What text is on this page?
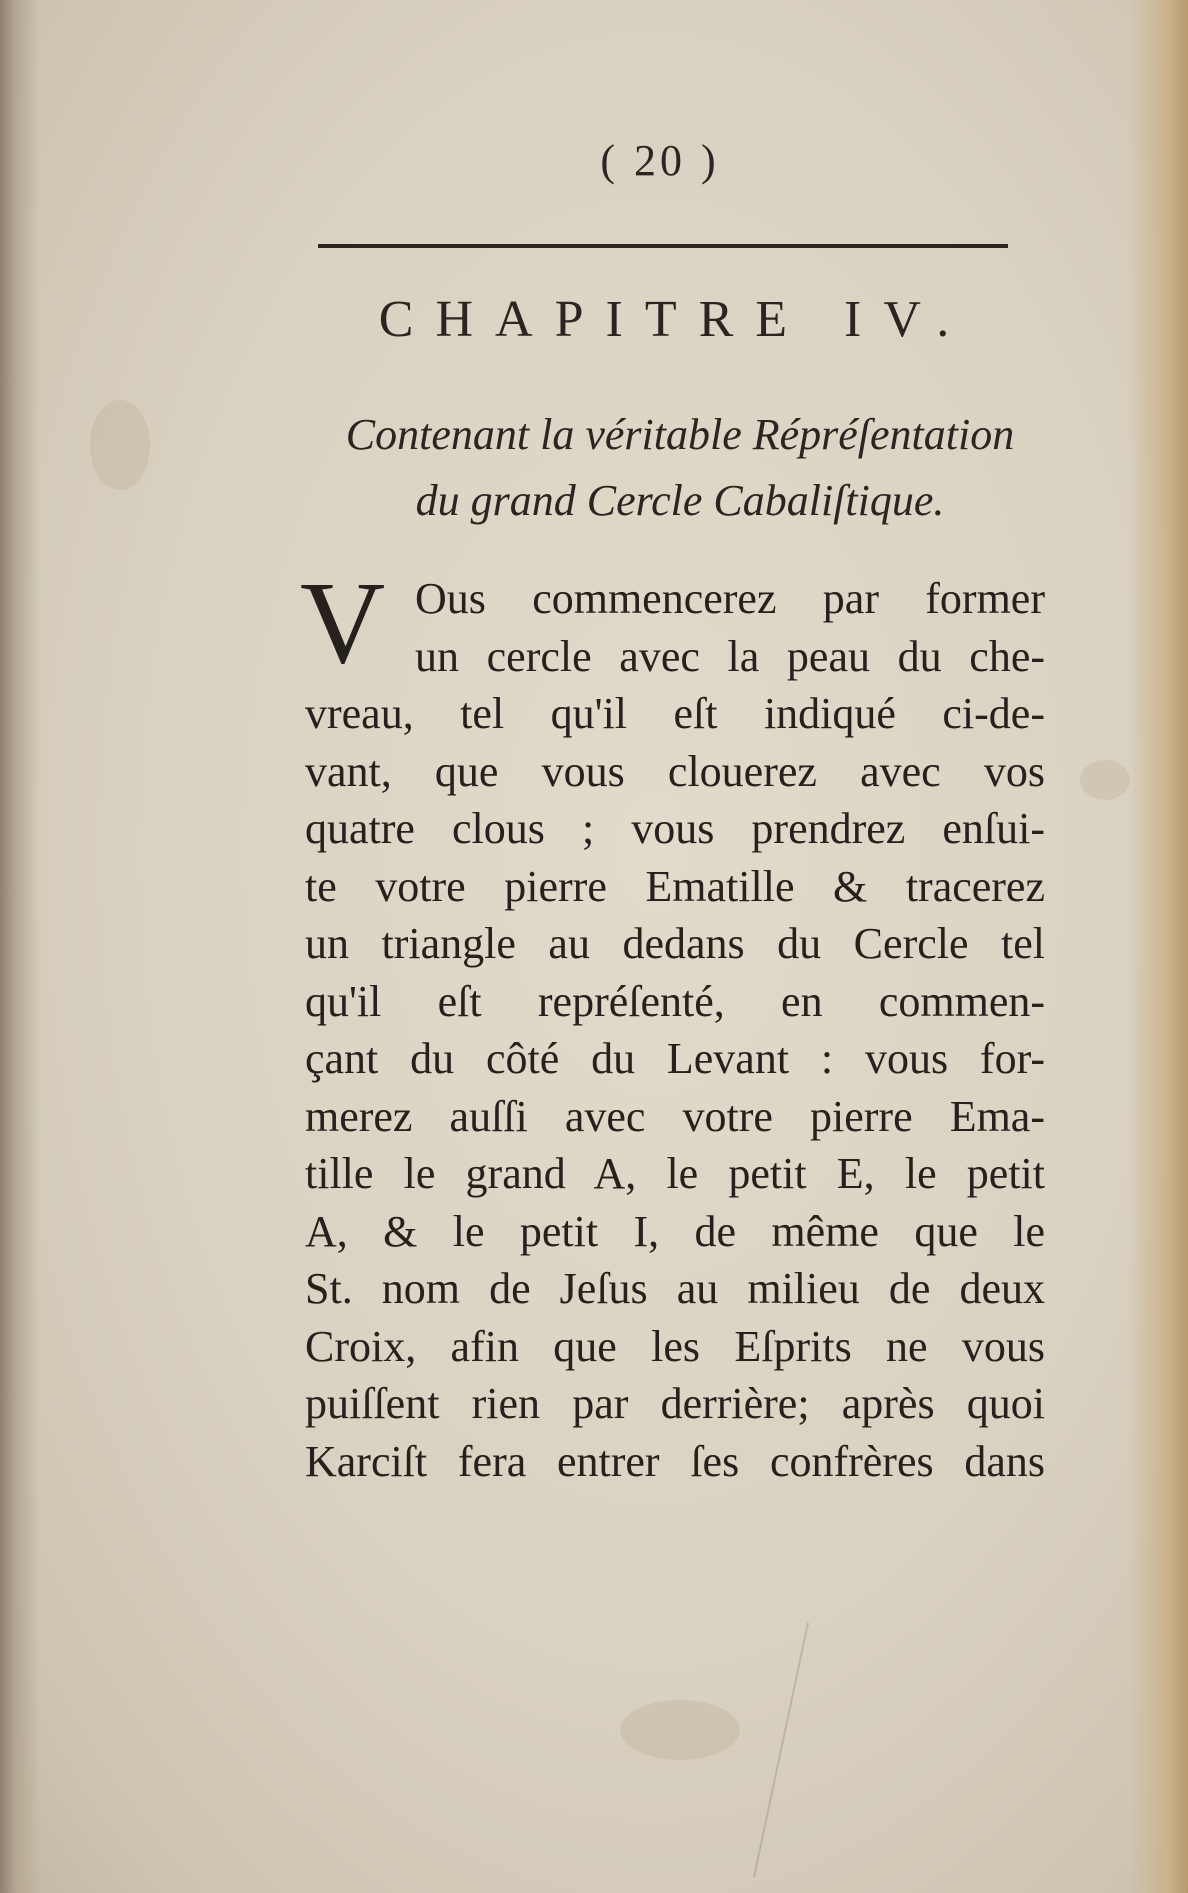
( 20 )
CHAPITRE IV.
Contenant la véritable Répréſentation
du grand Cercle Cabaliſtique.
V Ous commencerez par former
un cercle avec la peau du che-
vreau, tel qu'il eſt indiqué ci-de-
vant, que vous clouerez avec vos
quatre clous ; vous prendrez enſui-
te votre pierre Ematille & tracerez
un triangle au dedans du Cercle tel
qu'il eſt repréſenté, en commen-
çant du côté du Levant : vous for-
merez auſſi avec votre pierre Ema-
tille le grand A, le petit E, le petit
A, & le petit I, de même que le
St. nom de Jeſus au milieu de deux
Croix, afin que les Eſprits ne vous
puiſſent rien par derrière; après quoi
Karciſt fera entrer ſes confrères dans
